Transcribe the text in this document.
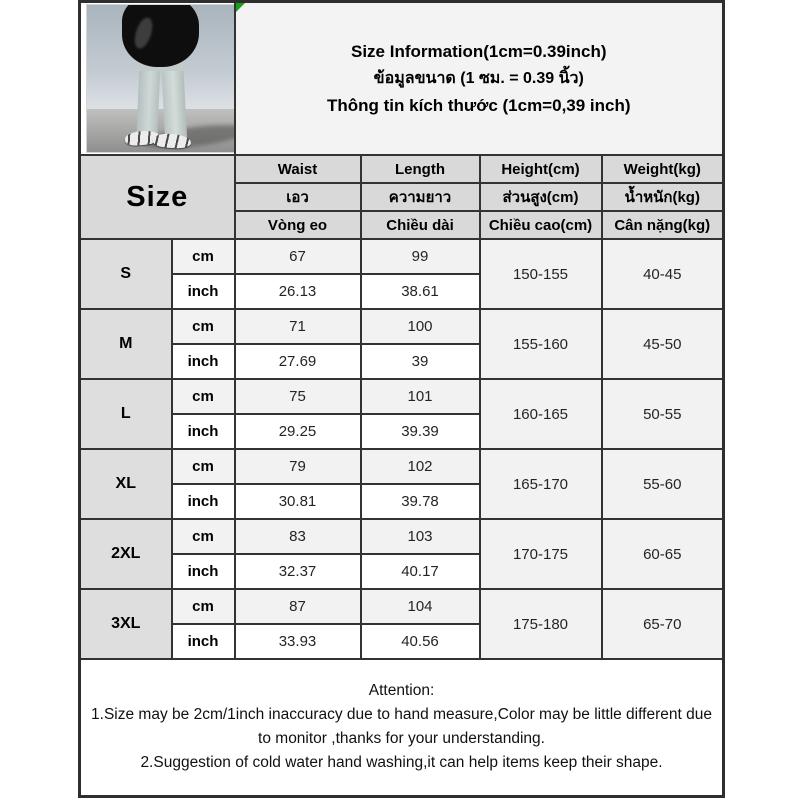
		Size Information(1cm=0.39inch)
ข้อมูลขนาด (1 ซม. = 0.39 นิ้ว)
Thông tin kích thước (1cm=0,39 inch)			

Size		Waist	Length	Height(cm)	Weight(kg)
		เอว	ความยาว	ส่วนสูง(cm)	น้ำหนัก(kg)
		Vòng eo	Chiều dài	Chiều cao(cm)	Cân nặng(kg)
S	cm	67	99	150-155	40-45
	inch	26.13	38.61		
M	cm	71	100	155-160	45-50
	inch	27.69	39		
L	cm	75	101	160-165	50-55
	inch	29.25	39.39		
XL	cm	79	102	165-170	55-60
	inch	30.81	39.78		
2XL	cm	83	103	170-175	60-65
	inch	32.37	40.17		
3XL	cm	87	104	175-180	65-70
	inch	33.93	40.56		

Attention:
1.Size may be 2cm/1inch inaccuracy due to hand measure,Color may be little different due to monitor ,thanks for your understanding.
2.Suggestion of cold water hand washing,it can help items keep their shape.					
